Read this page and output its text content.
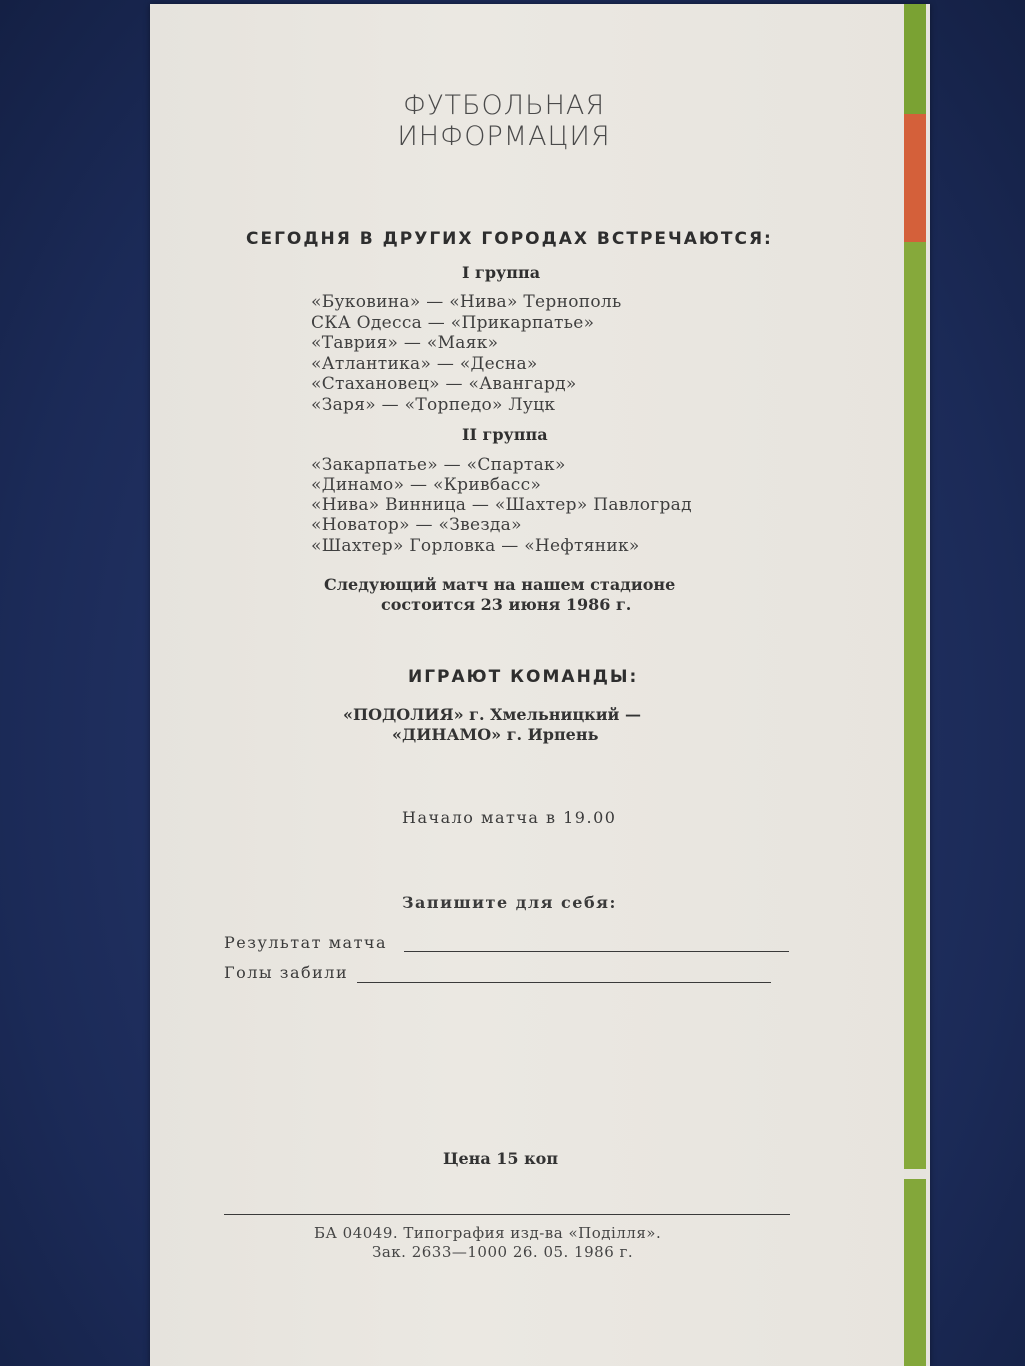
ФУТБОЛЬНАЯ
ИНФОРМАЦИЯ
СЕГОДНЯ В ДРУГИХ ГОРОДАХ ВСТРЕЧАЮТСЯ:
I группа
«Буковина» — «Нива» Тернополь
СКА Одесса — «Прикарпатье»
«Таврия» — «Маяк»
«Атлантика» — «Десна»
«Стахановец» — «Авангард»
«Заря» — «Торпедо» Луцк
II группа
«Закарпатье» — «Спартак»
«Динамо» — «Кривбасс»
«Нива» Винница — «Шахтер» Павлоград
«Новатор» — «Звезда»
«Шахтер» Горловка — «Нефтяник»
Следующий матч на нашем стадионе
состоится 23 июня 1986 г.
ИГРАЮТ КОМАНДЫ:
«ПОДОЛИЯ» г. Хмельницкий —
«ДИНАМО» г. Ирпень
Начало матча в 19.00
Запишите для себя:
Результат матча
Голы забили
Цена 15 коп
БА 04049. Типография изд-ва «Поділля».
Зак. 2633—1000 26. 05. 1986 г.
